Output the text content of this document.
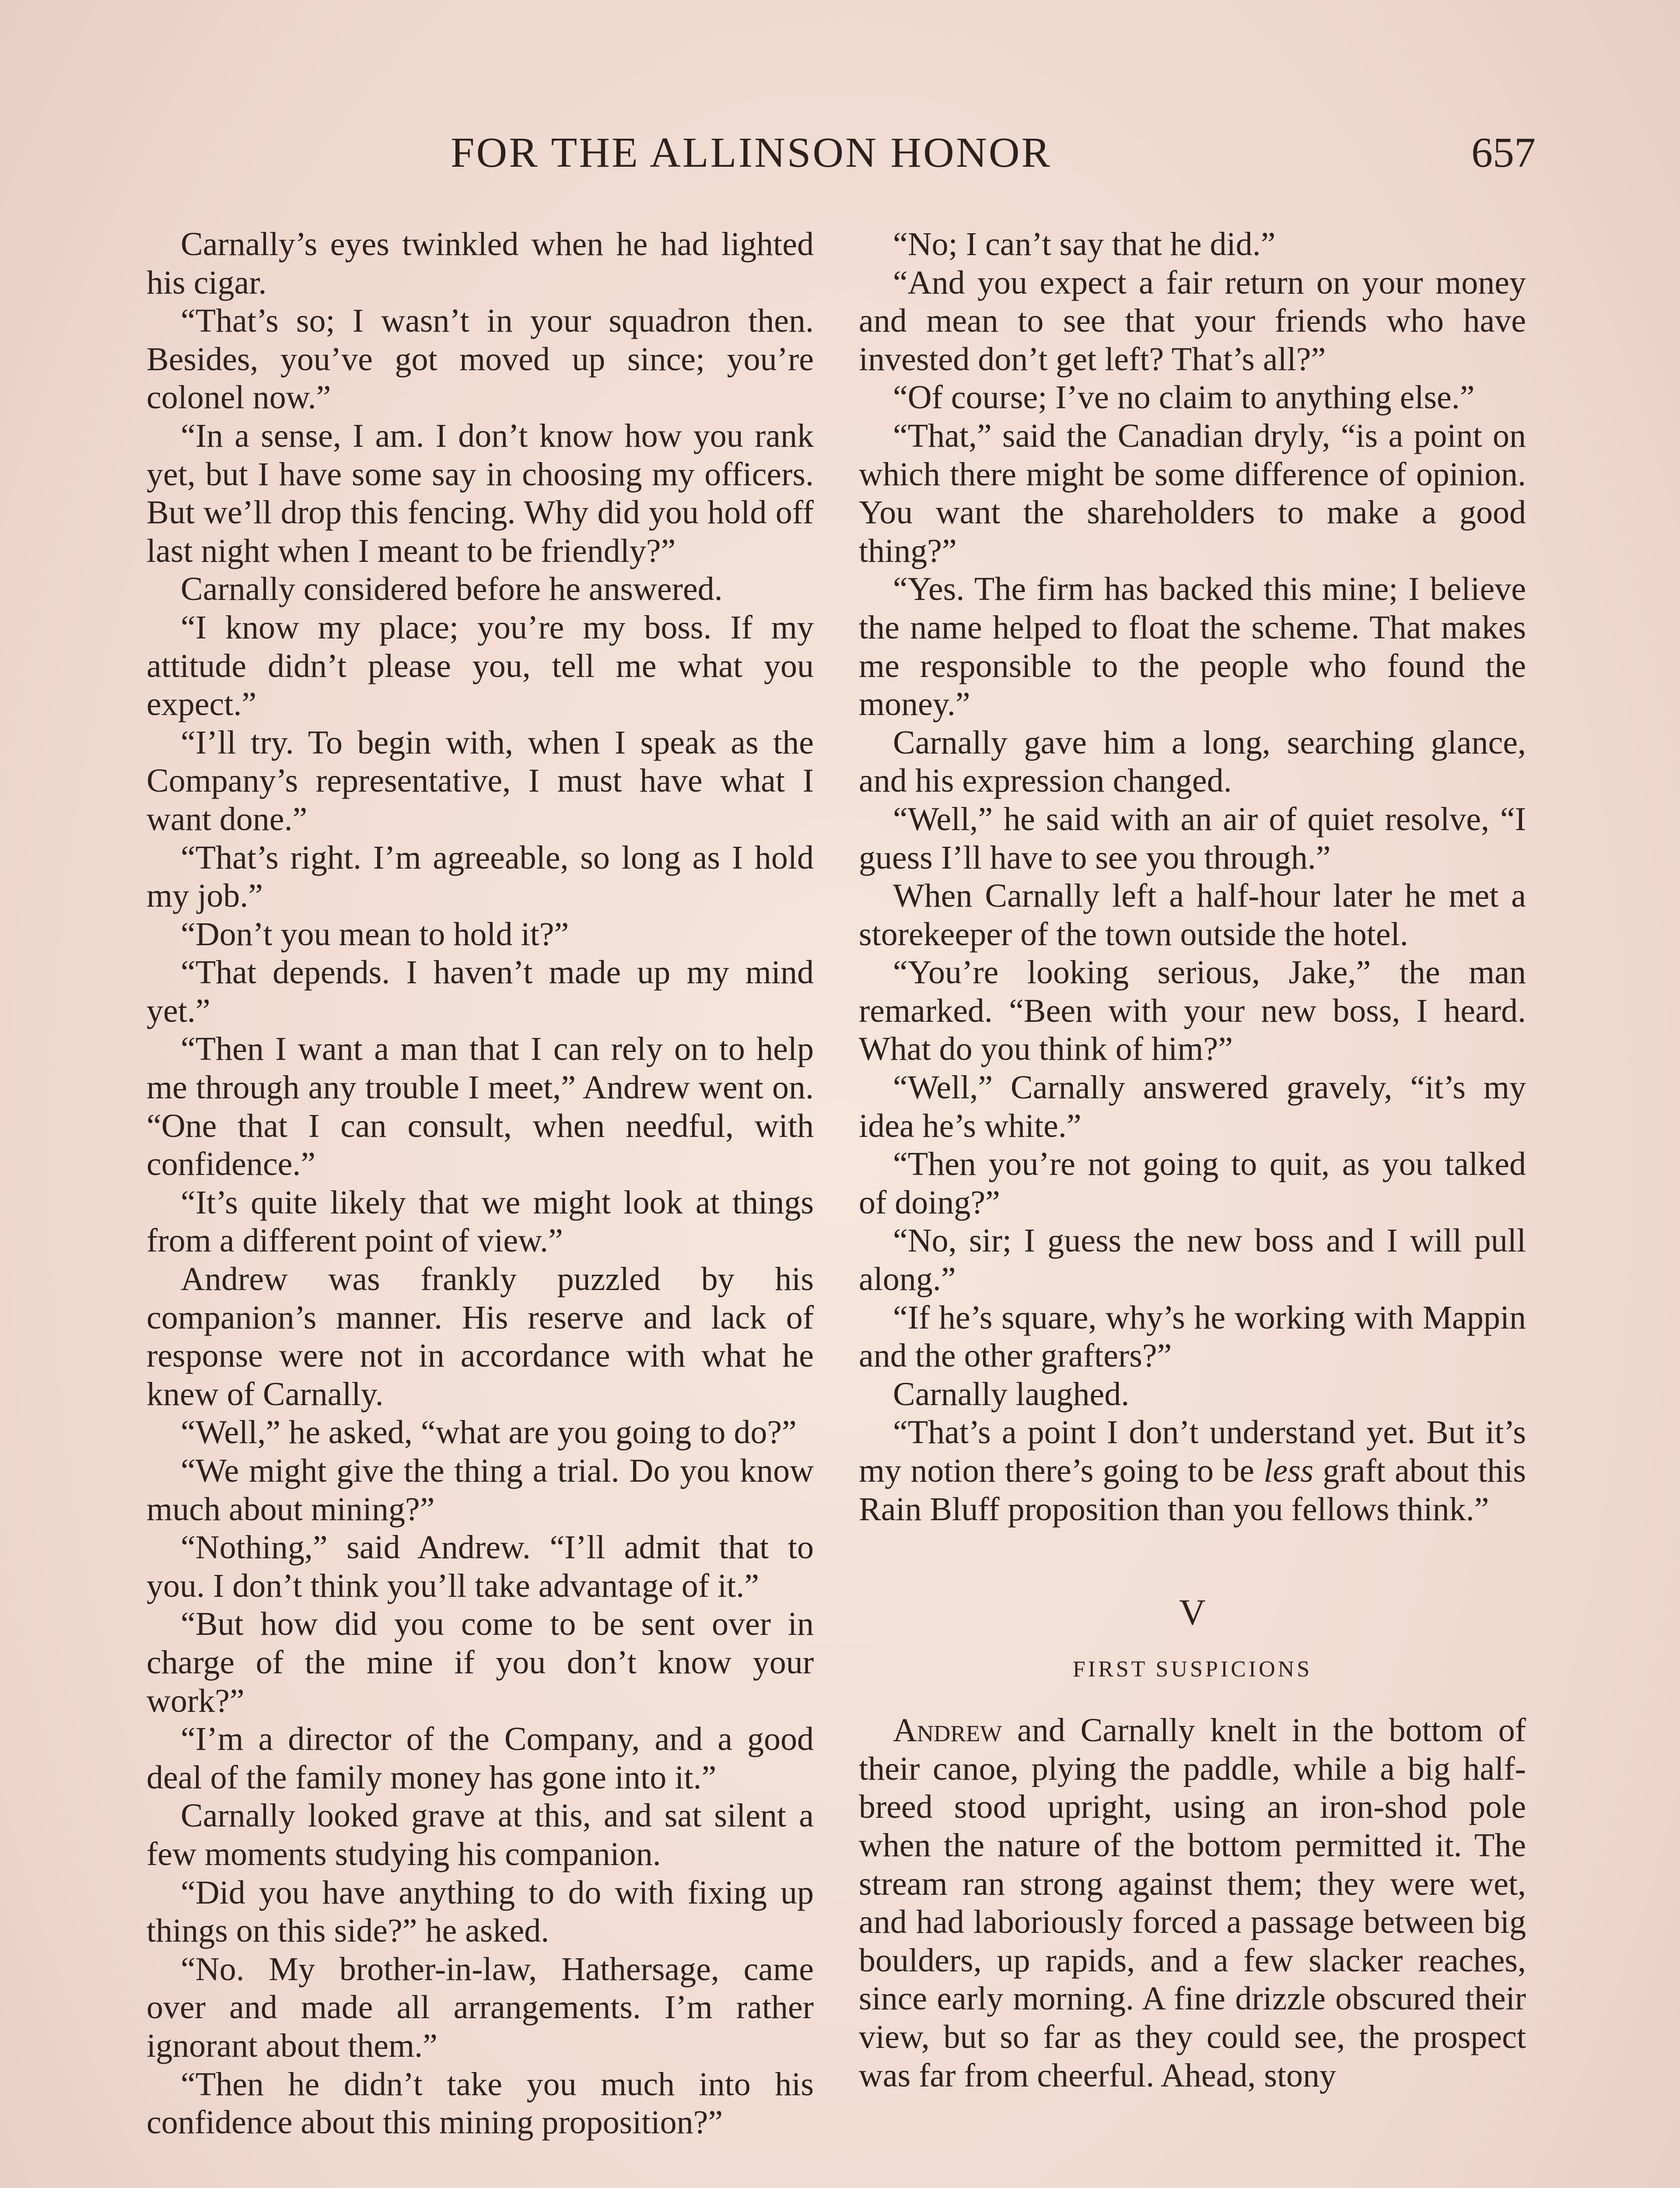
FOR THE ALLINSON HONOR	657

Carnally’s eyes twinkled when he had lighted his cigar.

“That’s so; I wasn’t in your squadron then. Besides, you’ve got moved up since; you’re colonel now.”

“In a sense, I am. I don’t know how you rank yet, but I have some say in choosing my officers. But we’ll drop this fencing. Why did you hold off last night when I meant to be friendly?”

Carnally considered before he answered.

“I know my place; you’re my boss. If my attitude didn’t please you, tell me what you expect.”

“I’ll try. To begin with, when I speak as the Company’s representative, I must have what I want done.”

“That’s right. I’m agreeable, so long as I hold my job.”

“Don’t you mean to hold it?”

“That depends. I haven’t made up my mind yet.”

“Then I want a man that I can rely on to help me through any trouble I meet,” Andrew went on. “One that I can consult, when needful, with confidence.”

“It’s quite likely that we might look at things from a different point of view.”

Andrew was frankly puzzled by his companion’s manner. His reserve and lack of response were not in accordance with what he knew of Carnally.

“Well,” he asked, “what are you going to do?”

“We might give the thing a trial. Do you know much about mining?”

“Nothing,” said Andrew. “I’ll admit that to you. I don’t think you’ll take advantage of it.”

“But how did you come to be sent over in charge of the mine if you don’t know your work?”

“I’m a director of the Company, and a good deal of the family money has gone into it.”

Carnally looked grave at this, and sat silent a few moments studying his companion.

“Did you have anything to do with fixing up things on this side?” he asked.

“No. My brother-in-law, Hathersage, came over and made all arrangements. I’m rather ignorant about them.”

“Then he didn’t take you much into his confidence about this mining proposition?”

“No; I can’t say that he did.”

“And you expect a fair return on your money and mean to see that your friends who have invested don’t get left? That’s all?”

“Of course; I’ve no claim to anything else.”

“That,” said the Canadian dryly, “is a point on which there might be some difference of opinion. You want the shareholders to make a good thing?”

“Yes. The firm has backed this mine; I believe the name helped to float the scheme. That makes me responsible to the people who found the money.”

Carnally gave him a long, searching glance, and his expression changed.

“Well,” he said with an air of quiet resolve, “I guess I’ll have to see you through.”

When Carnally left a half-hour later he met a storekeeper of the town outside the hotel.

“You’re looking serious, Jake,” the man remarked. “Been with your new boss, I heard. What do you think of him?”

“Well,” Carnally answered gravely, “it’s my idea he’s white.”

“Then you’re not going to quit, as you talked of doing?”

“No, sir; I guess the new boss and I will pull along.”

“If he’s square, why’s he working with Mappin and the other grafters?”

Carnally laughed.

“That’s a point I don’t understand yet. But it’s my notion there’s going to be less graft about this Rain Bluff proposition than you fellows think.”

V
FIRST SUSPICIONS

Andrew and Carnally knelt in the bottom of their canoe, plying the paddle, while a big half-breed stood upright, using an iron-shod pole when the nature of the bottom permitted it. The stream ran strong against them; they were wet, and had laboriously forced a passage between big boulders, up rapids, and a few slacker reaches, since early morning. A fine drizzle obscured their view, but so far as they could see, the prospect was far from cheerful. Ahead, stony
